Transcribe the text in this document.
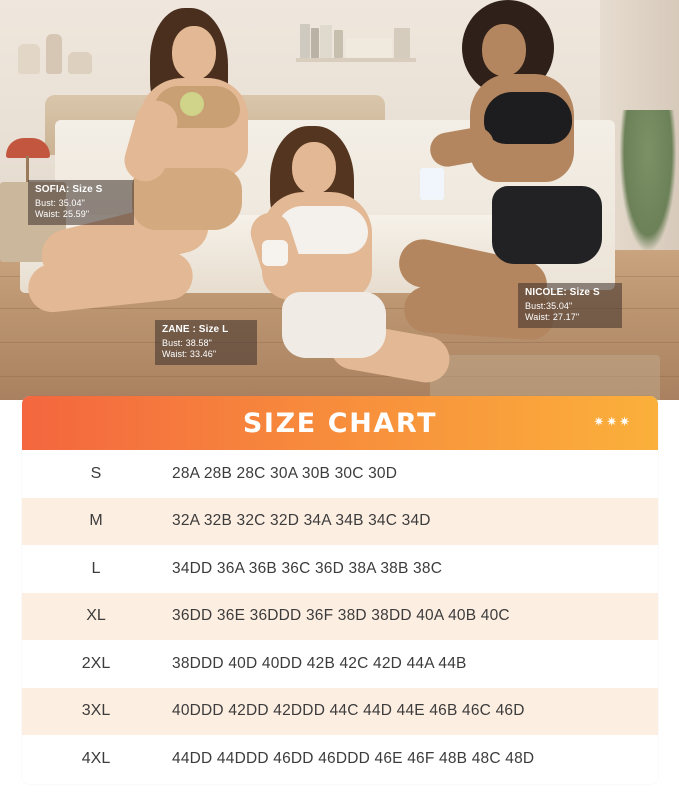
SOFIA: Size S
Bust: 35.04"
Waist: 25.59"
ZANE : Size L
Bust: 38.58"
Waist: 33.46"
NICOLE: Size S
Bust:35.04"
Waist: 27.17"
SIZE CHART	✷✷✷
S	28A 28B 28C 30A 30B 30C 30D
M	32A 32B 32C 32D 34A 34B 34C 34D
L	34DD 36A 36B 36C 36D 38A 38B 38C
XL	36DD 36E 36DDD 36F 38D 38DD 40A 40B 40C
2XL	38DDD 40D 40DD 42B 42C 42D 44A 44B
3XL	40DDD 42DD 42DDD 44C 44D 44E 46B 46C 46D
4XL	44DD 44DDD 46DD 46DDD 46E 46F 48B 48C 48D
